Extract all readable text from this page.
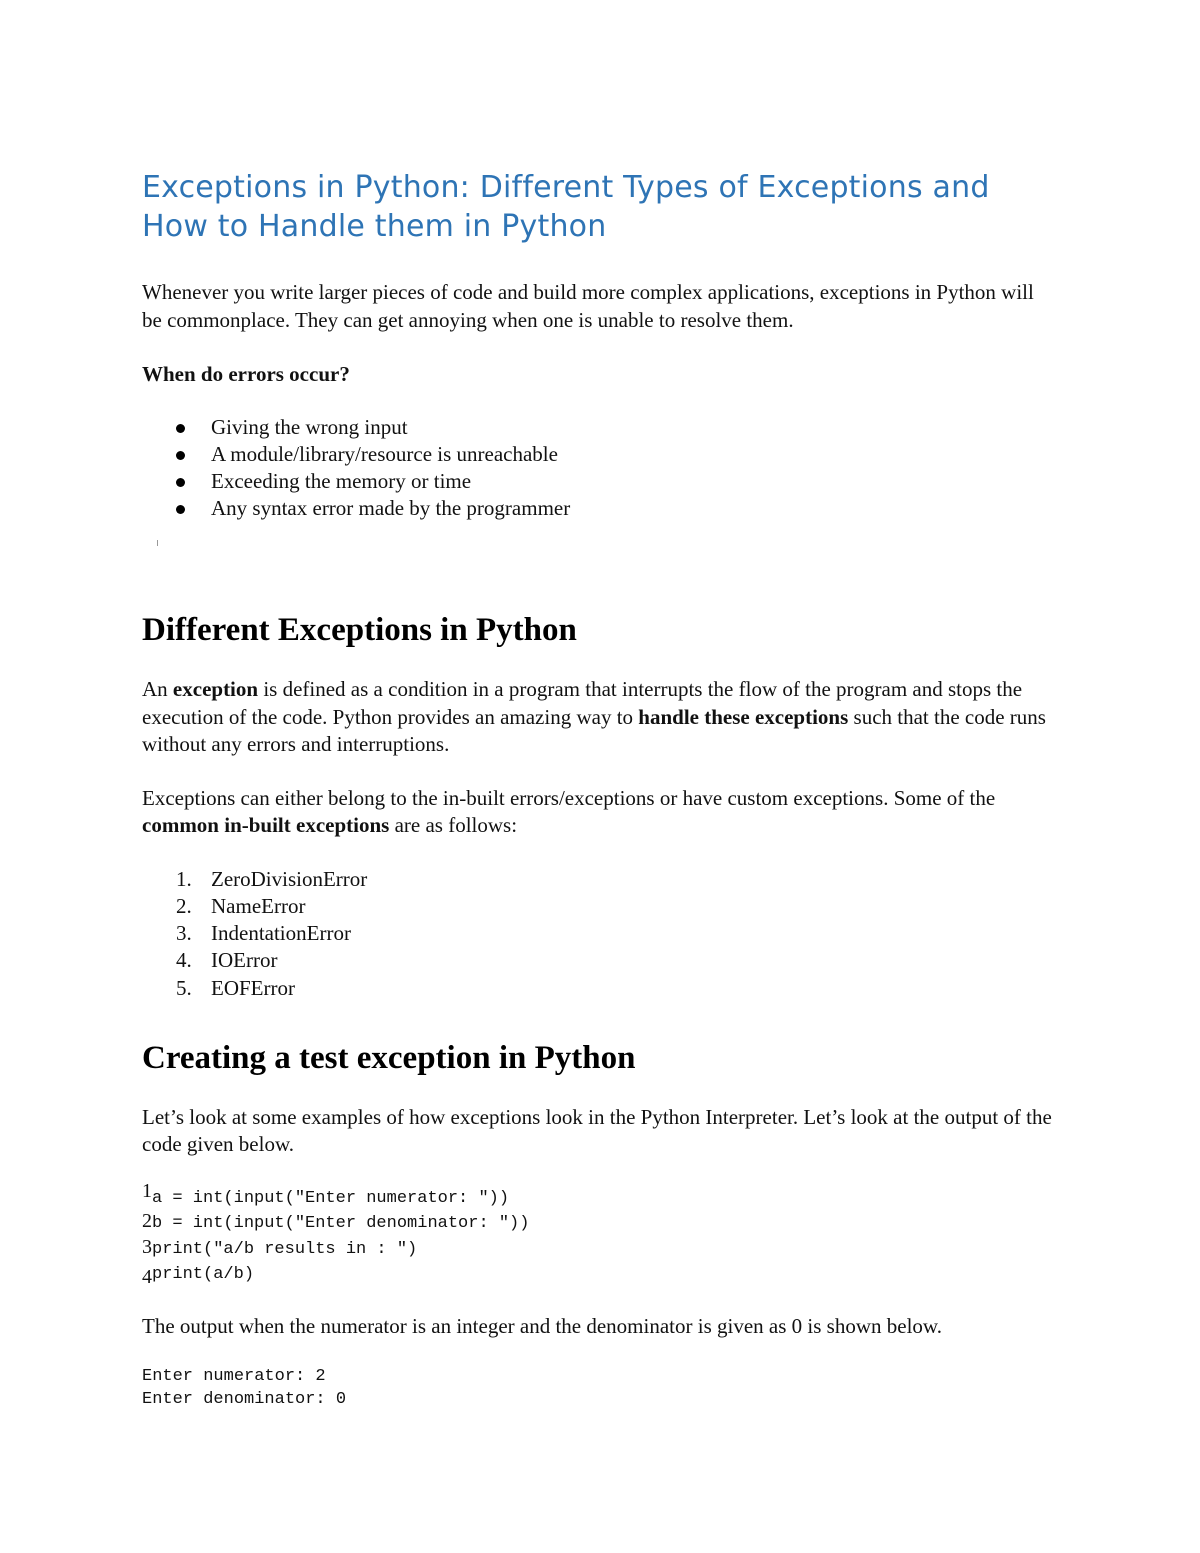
Exceptions in Python: Different Types of Exceptions and How to Handle them in Python

Whenever you write larger pieces of code and build more complex applications, exceptions in Python will be commonplace. They can get annoying when one is unable to resolve them.

When do errors occur?

Giving the wrong input
A module/library/resource is unreachable
Exceeding the memory or time
Any syntax error made by the programmer
Different Exceptions in Python

An exception is defined as a condition in a program that interrupts the flow of the program and stops the execution of the code. Python provides an amazing way to handle these exceptions such that the code runs without any errors and interruptions.

Exceptions can either belong to the in-built errors/exceptions or have custom exceptions. Some of the common in-built exceptions are as follows:

1. ZeroDivisionError
2. NameError
3. IndentationError
4. IOError
5. EOFError
Creating a test exception in Python

Let’s look at some examples of how exceptions look in the Python Interpreter. Let’s look at the output of the code given below.

1a = int(input("Enter numerator: "))
2b = int(input("Enter denominator: "))
3print("a/b results in : ")
4print(a/b)

The output when the numerator is an integer and the denominator is given as 0 is shown below.

Enter numerator: 2
Enter denominator: 0
